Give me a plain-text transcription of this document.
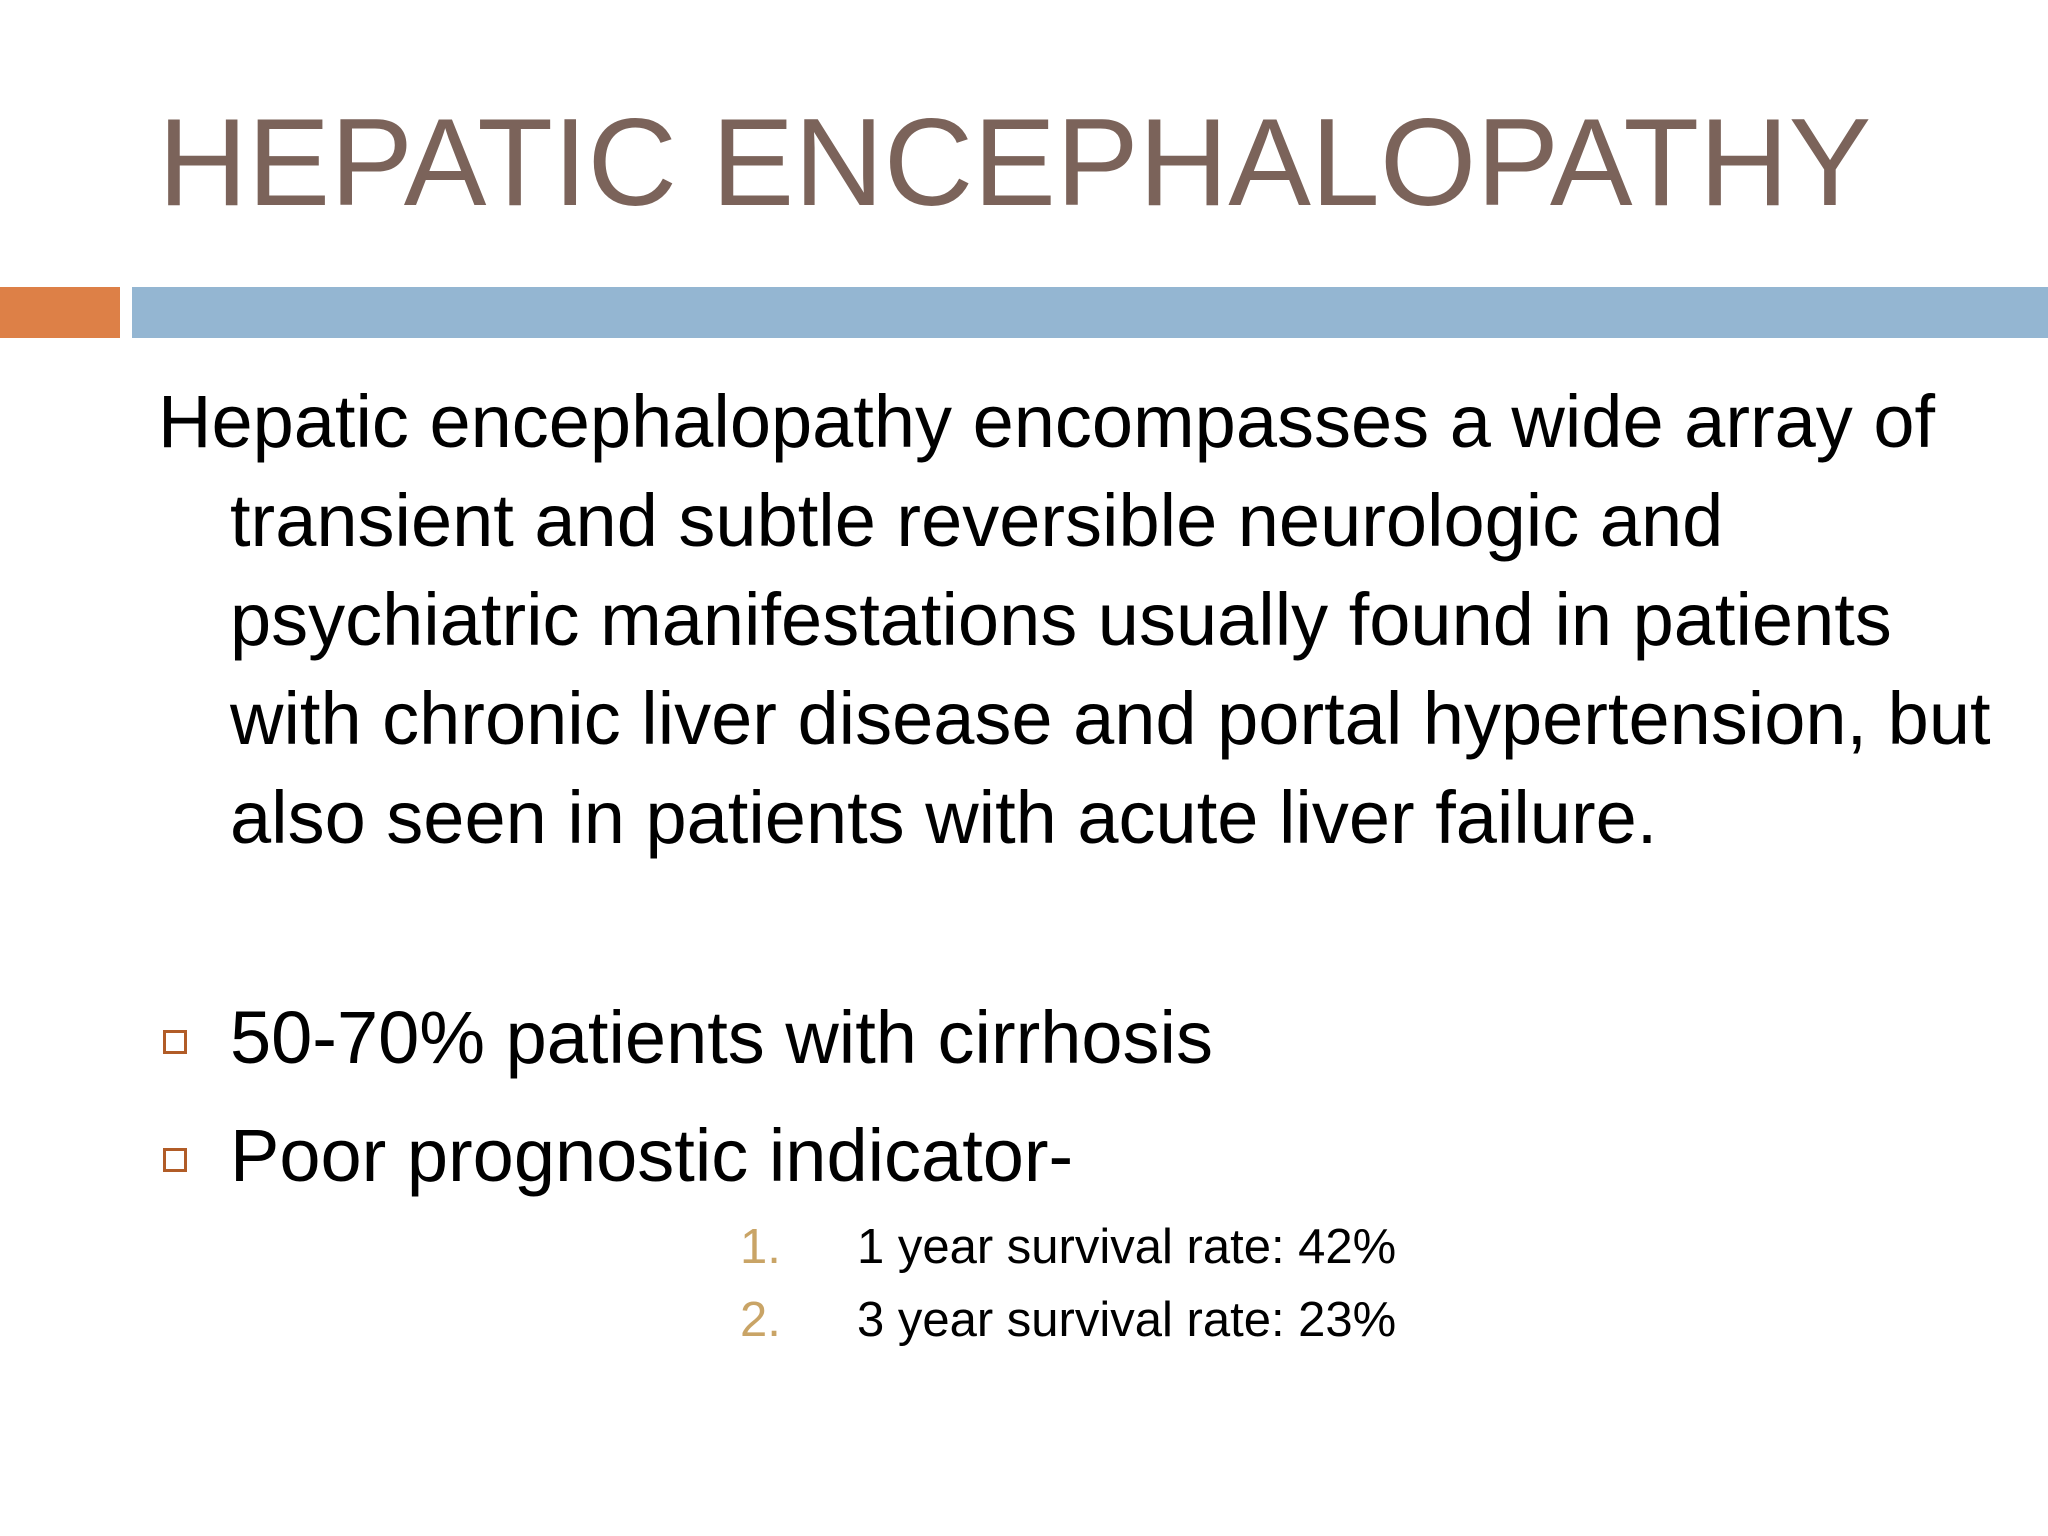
HEPATIC ENCEPHALOPATHY

Hepatic encephalopathy encompasses a wide array of transient and subtle reversible neurologic and psychiatric manifestations usually found in patients with chronic liver disease and portal hypertension, but also seen in patients with acute liver failure.

50-70% patients with cirrhosis
Poor prognostic indicator-
1. 1 year survival rate: 42%
2. 3 year survival rate: 23%
